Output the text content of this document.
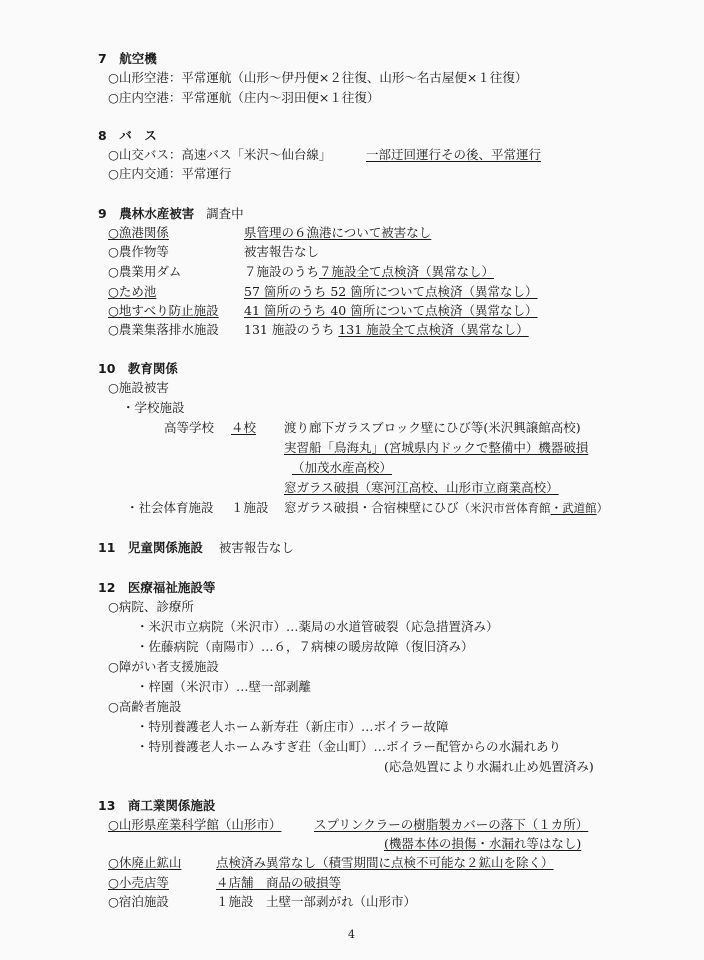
7　航空機
○山形空港：平常運航（山形～伊丹便×２往復、山形～名古屋便×１往復）
○庄内空港：平常運航（庄内～羽田便×１往復）
8　バ　ス
○山交バス：高速バス「米沢～仙台線」	一部迂回運行その後、平常運行
○庄内交通：平常運行
9　農林水産被害 調査中
○漁港関係	県管理の６漁港について被害なし
○農作物等	被害報告なし
○農業用ダム	７施設のうち７施設全て点検済（異常なし）
○ため池	57 箇所のうち 52 箇所について点検済（異常なし）
○地すべり防止施設 41 箇所のうち 40 箇所について点検済（異常なし）
○農業集落排水施設 131 施設のうち 131 施設全て点検済（異常なし）
10　教育関係
○施設被害
・学校施設
高等学校 ４校 渡り廊下ガラスブロック壁にひび等(米沢興譲館高校)
実習船「鳥海丸」(宮城県内ドックで整備中）機器破損
（加茂水産高校）
窓ガラス破損（寒河江高校、山形市立商業高校）
・社会体育施設 １施設 窓ガラス破損・合宿棟壁にひび（米沢市営体育館・武道館）
11　児童関係施設 被害報告なし
12　医療福祉施設等
○病院、診療所
・米沢市立病院（米沢市）…薬局の水道管破裂（応急措置済み）
・佐藤病院（南陽市）…６，７病棟の暖房故障（復旧済み）
○障がい者支援施設
・梓園（米沢市）…壁一部剥離
○高齢者施設
・特別養護老人ホーム新寿荘（新庄市）…ボイラー故障
・特別養護老人ホームみすぎ荘（金山町）…ボイラー配管からの水漏れあり
(応急処置により水漏れ止め処置済み)
13　商工業関係施設
○山形県産業科学館（山形市）	スプリンクラーの樹脂製カバーの落下（１カ所）
(機器本体の損傷・水漏れ等はなし)
○休廃止鉱山	点検済み異常なし（積雪期間に点検不可能な２鉱山を除く）
○小売店等	４店舗　商品の破損等
○宿泊施設	１施設　土壁一部剥がれ（山形市）
4
